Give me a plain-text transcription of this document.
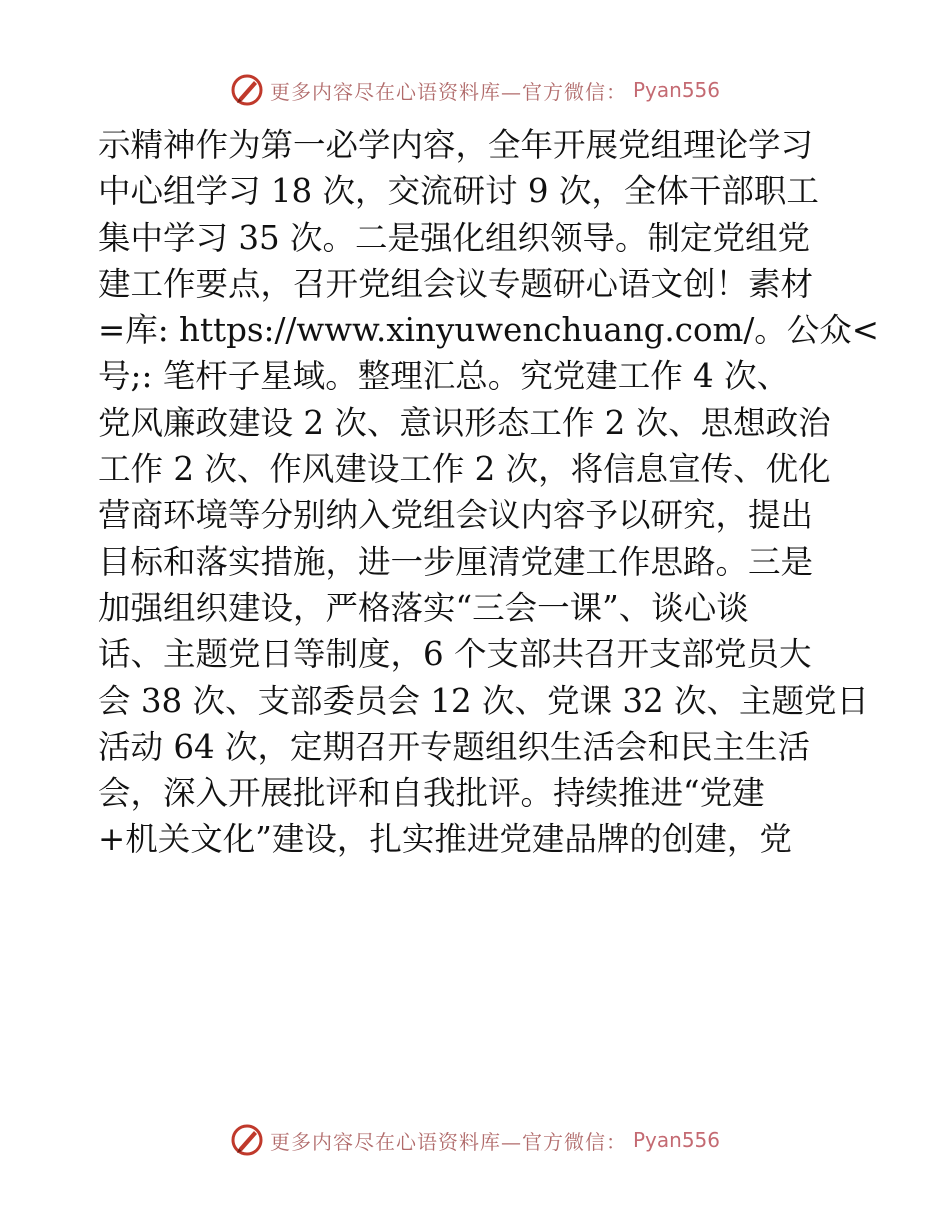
更多内容尽在心语资料库—官方微信： Pyan556
示精神作为第一必学内容，全年开展党组理论学习
中心组学习 18 次，交流研讨 9 次，全体干部职工
集中学习 35 次。二是强化组织领导。制定党组党
建工作要点，召开党组会议专题研心语文创！素材
=库: https://www.xinyuwenchuang.com/。公众<
号;: 笔杆子星域。整理汇总。究党建工作 4 次、
党风廉政建设 2 次、意识形态工作 2 次、思想政治
工作 2 次、作风建设工作 2 次，将信息宣传、优化
营商环境等分别纳入党组会议内容予以研究，提出
目标和落实措施，进一步厘清党建工作思路。三是
加强组织建设，严格落实“三会一课”、谈心谈
话、主题党日等制度，6 个支部共召开支部党员大
会 38 次、支部委员会 12 次、党课 32 次、主题党日
活动 64 次，定期召开专题组织生活会和民主生活
会，深入开展批评和自我批评。持续推进“党建
+机关文化”建设，扎实推进党建品牌的创建，党
更多内容尽在心语资料库—官方微信： Pyan556
